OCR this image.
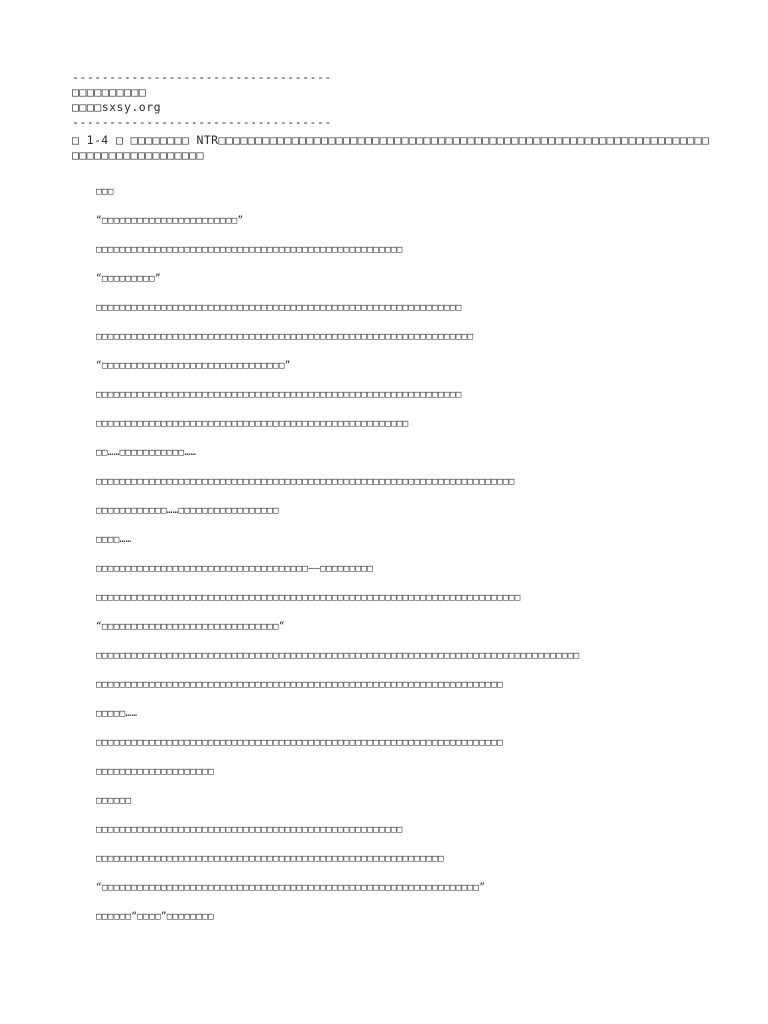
-----------------------------------
□□□□□□□□□□
□□□□sxsy.org
-----------------------------------
□ 1-4 □ □□□□□□□□ NTR□□□□□□□□□□□□□□□□□□□□□□□□□□□□□□□□□□□□□□□□□□□□□□□□□□□□□□□□□□□□□□□□□□□□□□□□□□□□□□□□□□□□□

□□□

“□□□□□□□□□□□□□□□□□□□□□□□”

□□□□□□□□□□□□□□□□□□□□□□□□□□□□□□□□□□□□□□□□□□□□□□□□□□□□

“□□□□□□□□□”

□□□□□□□□□□□□□□□□□□□□□□□□□□□□□□□□□□□□□□□□□□□□□□□□□□□□□□□□□□□□□□

□□□□□□□□□□□□□□□□□□□□□□□□□□□□□□□□□□□□□□□□□□□□□□□□□□□□□□□□□□□□□□□□

“□□□□□□□□□□□□□□□□□□□□□□□□□□□□□□□”

□□□□□□□□□□□□□□□□□□□□□□□□□□□□□□□□□□□□□□□□□□□□□□□□□□□□□□□□□□□□□□

□□□□□□□□□□□□□□□□□□□□□□□□□□□□□□□□□□□□□□□□□□□□□□□□□□□□□

□□……□□□□□□□□□□□……

□□□□□□□□□□□□□□□□□□□□□□□□□□□□□□□□□□□□□□□□□□□□□□□□□□□□□□□□□□□□□□□□□□□□□□□

□□□□□□□□□□□□……□□□□□□□□□□□□□□□□□

□□□□……

□□□□□□□□□□□□□□□□□□□□□□□□□□□□□□□□□□□□——□□□□□□□□□

□□□□□□□□□□□□□□□□□□□□□□□□□□□□□□□□□□□□□□□□□□□□□□□□□□□□□□□□□□□□□□□□□□□□□□□□

“□□□□□□□□□□□□□□□□□□□□□□□□□□□□□□”

□□□□□□□□□□□□□□□□□□□□□□□□□□□□□□□□□□□□□□□□□□□□□□□□□□□□□□□□□□□□□□□□□□□□□□□□□□□□□□□□□□

□□□□□□□□□□□□□□□□□□□□□□□□□□□□□□□□□□□□□□□□□□□□□□□□□□□□□□□□□□□□□□□□□□□□□

□□□□□……

□□□□□□□□□□□□□□□□□□□□□□□□□□□□□□□□□□□□□□□□□□□□□□□□□□□□□□□□□□□□□□□□□□□□□

□□□□□□□□□□□□□□□□□□□□

□□□□□□

□□□□□□□□□□□□□□□□□□□□□□□□□□□□□□□□□□□□□□□□□□□□□□□□□□□□

□□□□□□□□□□□□□□□□□□□□□□□□□□□□□□□□□□□□□□□□□□□□□□□□□□□□□□□□□□□

“□□□□□□□□□□□□□□□□□□□□□□□□□□□□□□□□□□□□□□□□□□□□□□□□□□□□□□□□□□□□□□□□”

□□□□□□“□□□□”□□□□□□□□
